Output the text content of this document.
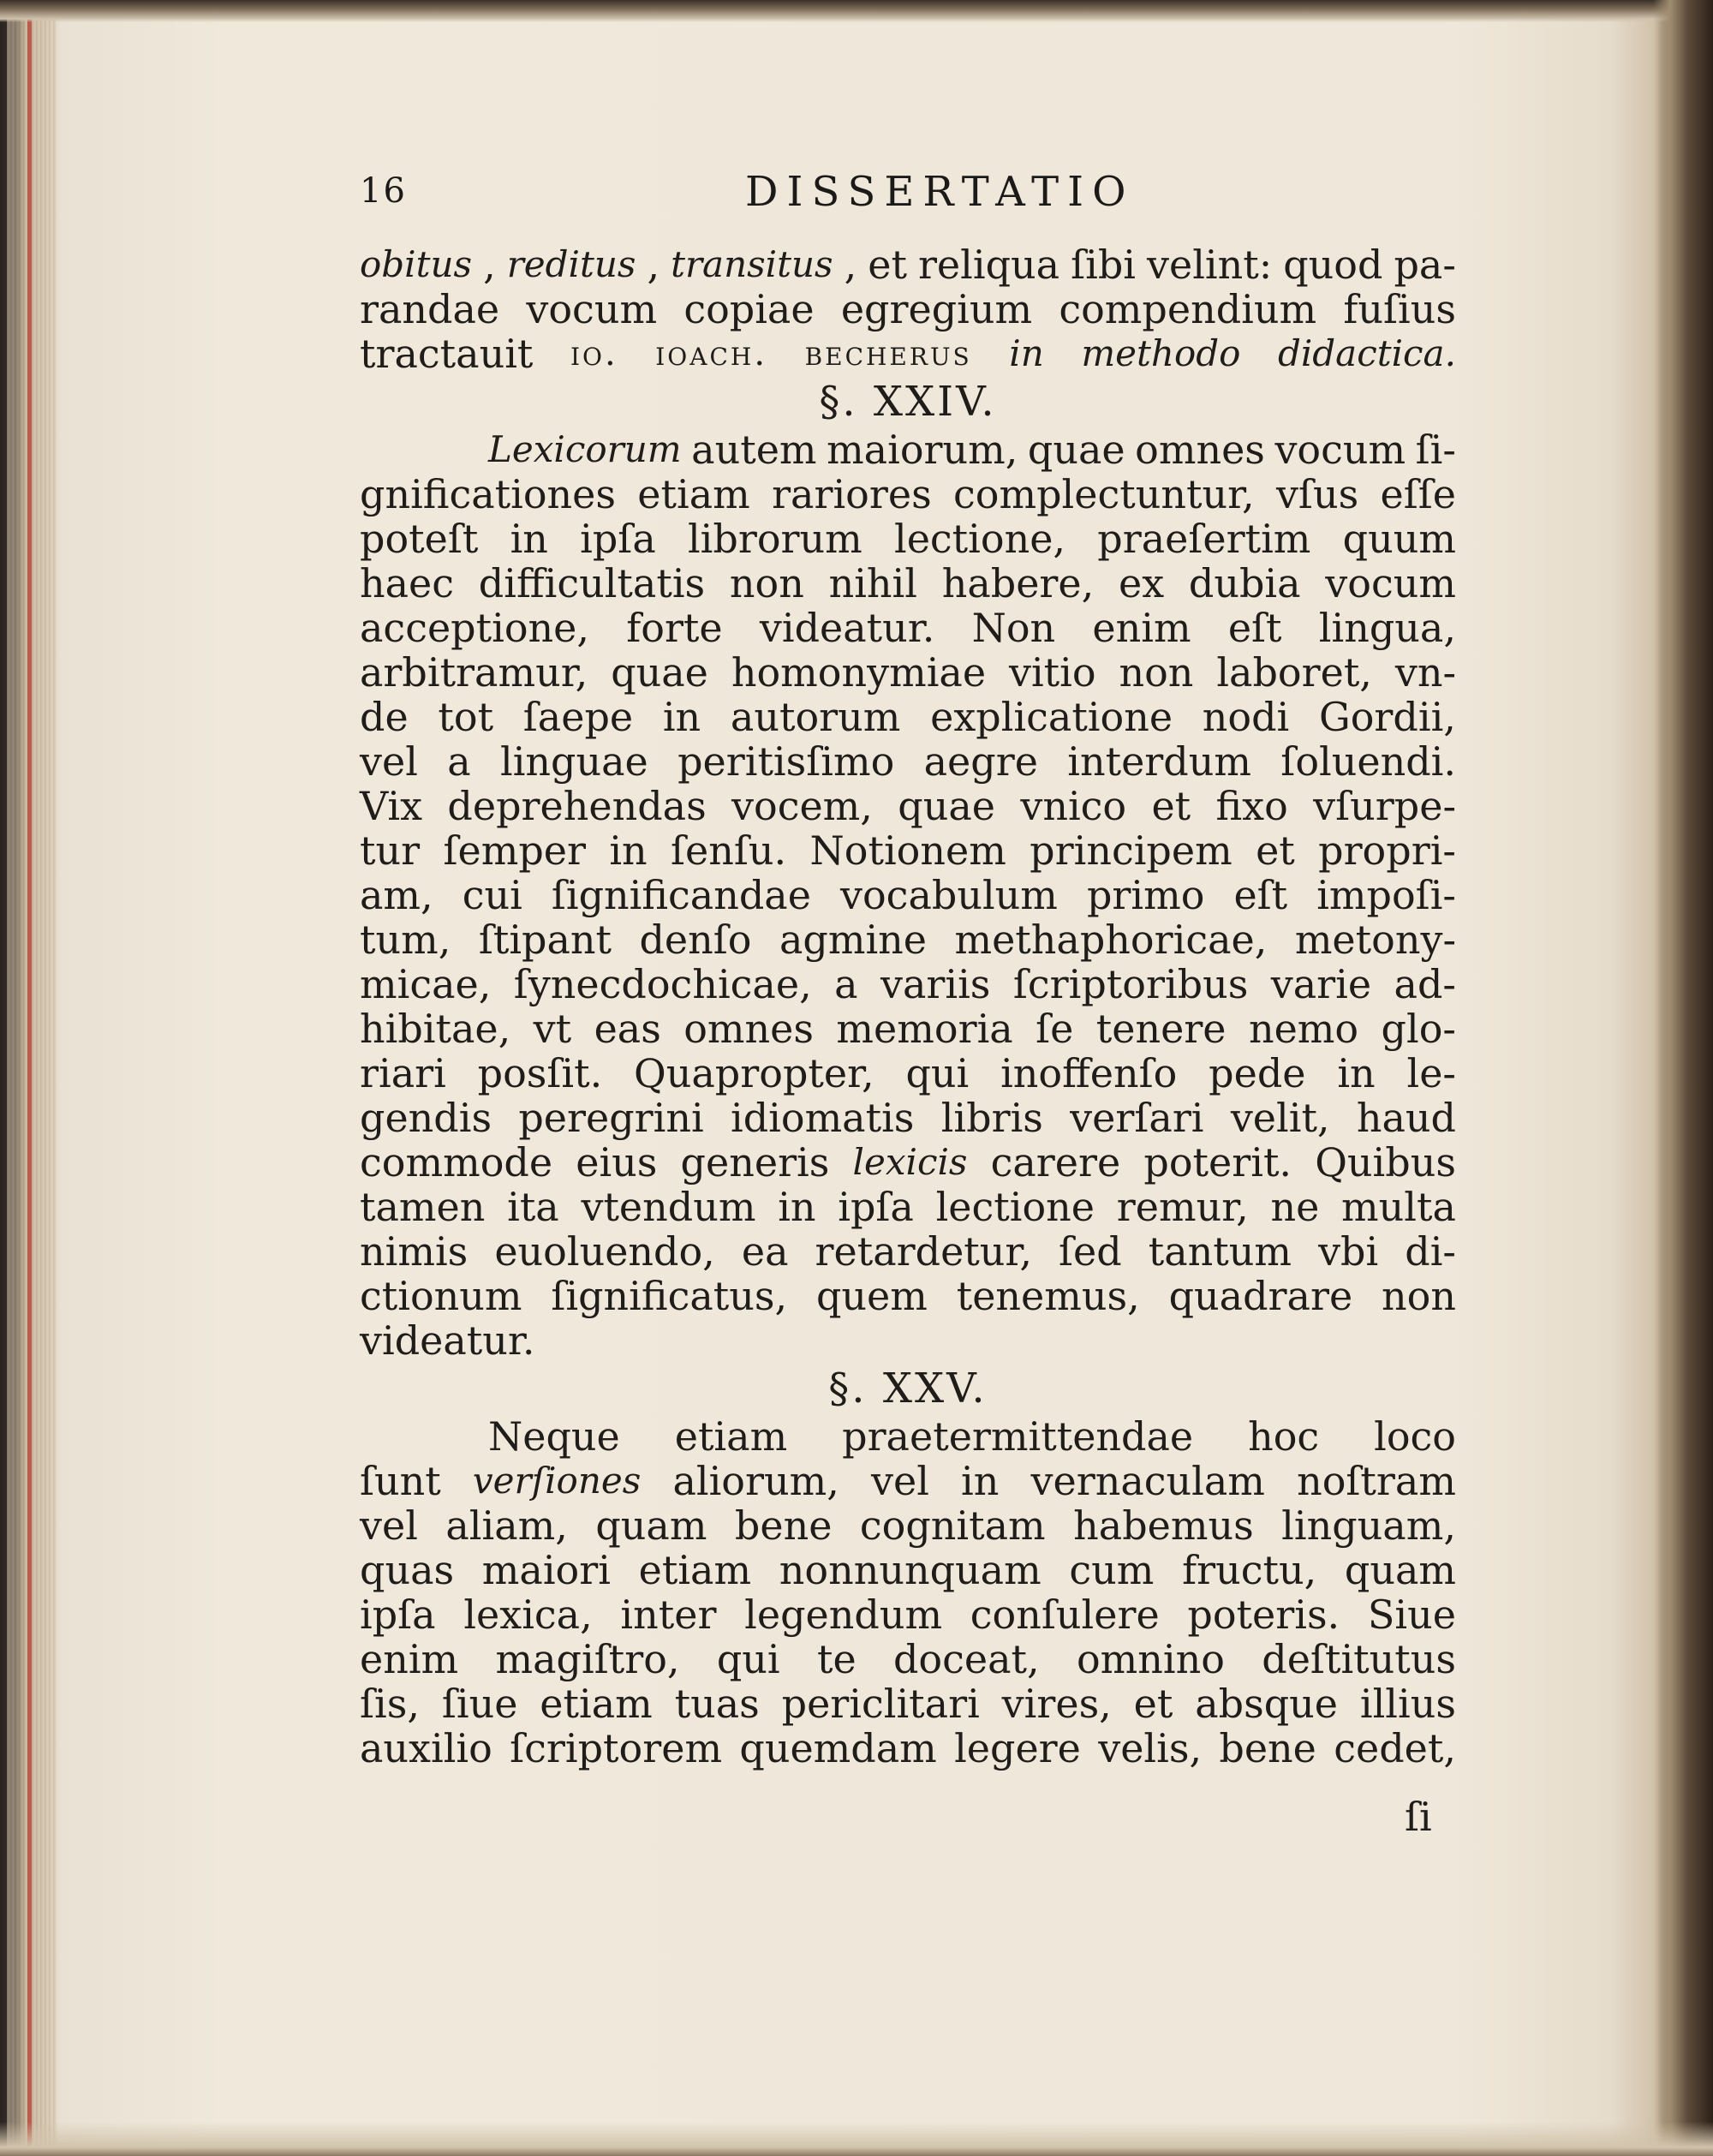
16	DISSERTATIO
obitus , reditus , transitus , et reliqua ſibi velint: quod pa-
randae vocum copiae egregium compendium fuſius
tractauit io. ioach. becherus in methodo didactica.
§. XXIV.
Lexicorum autem maiorum, quae omnes vocum ſi-
gnificationes etiam rariores complectuntur, vſus eſſe
poteſt in ipſa librorum lectione, praeſertim quum
haec difficultatis non nihil habere, ex dubia vocum
acceptione, forte videatur. Non enim eſt lingua,
arbitramur, quae homonymiae vitio non laboret, vn-
de tot ſaepe in autorum explicatione nodi Gordii,
vel a linguae peritisſimo aegre interdum ſoluendi.
Vix deprehendas vocem, quae vnico et fixo vſurpe-
tur ſemper in ſenſu. Notionem principem et propri-
am, cui ſignificandae vocabulum primo eſt impoſi-
tum, ſtipant denſo agmine methaphoricae, metony-
micae, ſynecdochicae, a variis ſcriptoribus varie ad-
hibitae, vt eas omnes memoria ſe tenere nemo glo-
riari posſit. Quapropter, qui inoffenſo pede in le-
gendis peregrini idiomatis libris verſari velit, haud
commode eius generis lexicis carere poterit. Quibus
tamen ita vtendum in ipſa lectione remur, ne multa
nimis euoluendo, ea retardetur, ſed tantum vbi di-
ctionum ſignificatus, quem tenemus, quadrare non
videatur.
§. XXV.
Neque etiam praetermittendae hoc loco
ſunt verſiones aliorum, vel in vernaculam noſtram
vel aliam, quam bene cognitam habemus linguam,
quas maiori etiam nonnunquam cum fructu, quam
ipſa lexica, inter legendum conſulere poteris. Siue
enim magiſtro, qui te doceat, omnino deſtitutus
ſis, ſiue etiam tuas periclitari vires, et absque illius
auxilio ſcriptorem quemdam legere velis, bene cedet,
ſi
